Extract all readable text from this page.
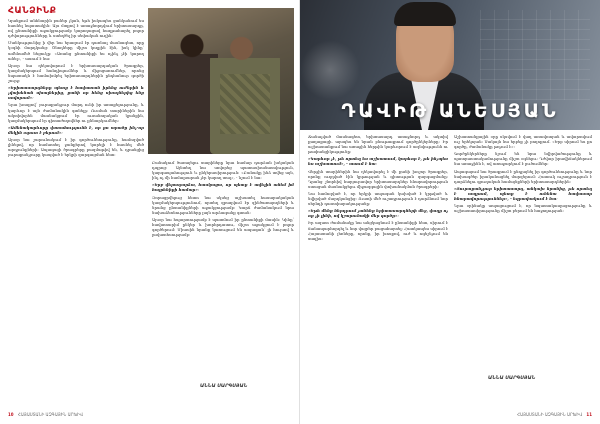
ՀԱՆՁԻՆՔ

Կյանքում անհնարին բաներ չկան, եթե իսկապես ցանկանում ես հասնել նպատակին։ Այս մտքով է առաջնորդվում երիտասարդը, ով ընտանիքի աջակցությամբ կարողացավ հաղթահարել բոլոր դժվարությունները և ստեղծել իր սեփական ուղին։

Մանկությունից ի վեր նա երազում էր դառնալ մասնագետ, որը կօգնի մարդկանց։ Ծնողները միշտ կողքին էին, իսկ կինը՝ ամենամեծ նեցուկը։ «Առանց ընտանիքի ես ոչինչ չէի կարող անել», - ասում է նա։

Այսօր նա ղեկավարում է երիտասարդական ծրագրեր, կազմակերպում հանդիպումներ և միջոցառումներ, որոնց նպատակն է համախմբել երիտասարդներին ընդհանուր գործի շուրջ։

«Երիտասարդները պետք է հավատան իրենց ուժերին և չվախենան սխալներից, քանի որ հենց սխալներից ենք սովորում»։

Նրա խոսքով՝ յուրաքանչյուր մարդ ունի իր առաքելությունը, և կարևոր է այն ժամանակին գտնելը։ Ուսման տարիներին նա ակտիվորեն մասնակցում էր ուսանողական կյանքին, կազմակերպում էր գիտաժողովներ ու քննարկումներ։

«Ամենակարևորը վստահությունն է, որ քո արածը ինչ-որ մեկին օգուտ է բերում»։

Այսօր նա շարունակում է իր գործունեությունը, համոզված լինելով, որ համատեղ ջանքերով կարելի է հասնել մեծ արդյունքների։ Ապագայի ծրագրերը բազմաթիվ են, և դրանցից յուրաքանչյուրը կապված է երկրի զարգացման հետ։

Բանակում ծառայելու տարիները նրա համար դարձան իսկական դպրոց։ Այնտեղ նա սովորեց պատասխանատվություն, կարգապահություն և ընկերասիրություն։ «Բանակը ինձ տվեց այն, ինչ ոչ մի համալսարան չէր կարող տալ», - նշում է նա։

«Երբ վերադարձա, հասկացա, որ պետք է ավելին անեմ իմ հայրենիքի համար»։

Զորացրվելուց հետո նա սկսեց աշխատել հասարակական կազմակերպությունում, որտեղ զբաղվում էր զինծառայողների և նրանց ընտանիքների աջակցությամբ։ Կարճ ժամանակում նրա նախաձեռնությունները լայն արձագանք գտան։

Այսօր նա հպարտությամբ է պատմում իր ընտանիքի մասին։ Կինը՝ հավատարիմ ընկեր և խորհրդատու, միշտ աջակցում է բոլոր գործերում։ Միասին նրանք կառուցում են ապագան՝ լի հույսով և լավատեսությամբ։

ԱՆՆԱ ՍԱՐԳՍՅԱՆ
10 ՀԱՅԱՍՏԱՆԻ ԱԶԳԱՅԻՆ ԱՐԽԻՎ
ԴԱՎԻԹ ԱՆԵՍՅԱՆ

Ճանաչված մասնագետ, երիտասարդ առաջնորդ և ակտիվ քաղաքացի. այսպես են նրան բնութագրում գործընկերները։ Իր աշխատանքում նա առաջին հերթին կարևորում է ազնվությունն ու թափանցիկությունը։

«Կարևոր չէ, թե որտեղ ես աշխատում, կարևոր է, թե ինչպես ես աշխատում», - ասում է նա։

Վերջին տարիներին նա ղեկավարել է մի քանի խոշոր ծրագրեր, որոնք ուղղված էին կրթության և գիտության զարգացմանը։ Դրանց շնորհիվ հարյուրավոր երիտասարդներ հնարավորություն ստացան մասնակցելու միջազգային փոխանակման ծրագրերի։

Նա համոզված է, որ երկրի ապագան կախված է կրթված և նվիրված մարդկանցից։ Ուստի մեծ ուշադրություն է դարձնում նոր սերնդի դաստիարակությանը։

«Եթե մենք ներդրում չանենք երիտասարդների մեջ, վաղը ոչ ոք չի լինի, ով կշարունակի մեր գործը»։

Իր ազատ ժամանակը նա անցկացնում է ընտանիքի հետ, սիրում է ճանապարհորդել և նոր վայրեր բացահայտել։ Հատկապես սիրում է Հայաստանի լեռները, որոնք, իր խոսքով, ուժ և ոգեշնչում են տալիս։

Աշխատանքային օրը սկսվում է վաղ առավոտյան և ավարտվում ուշ երեկոյան։ Սակայն նա երբեք չի բողոքում. «Երբ սիրում ես քո գործը, ժամանակը թռչում է»։

Գործընկերները նշում են նրա նվիրվածությունը և պատրաստակամությունը միշտ օգնելու։ Դժվար իրավիճակներում նա առաջինն է, ով առաջարկում է լուծումներ։

Ապագայում նա ծրագրում է ընդլայնել իր գործունեությունը և նոր նախագծեր իրականացնել մարզերում։ Հատուկ ուշադրություն է դարձնելու գյուղական համայնքների երիտասարդներին։

«Յուրաքանչյուր երիտասարդ, անկախ նրանից, թե որտեղ է ապրում, պետք է ունենա հավասար հնարավորություններ», - եզրափակում է նա։

Նրա օրինակը ապացուցում է, որ նպատակասլացությունը և աշխատասիրությունը միշտ բերում են հաջողության։

ԱՆՆԱ ՍԱՐԳՍՅԱՆ
ՀԱՅԱՍՏԱՆԻ ԱԶԳԱՅԻՆ ԱՐԽԻՎ 11
